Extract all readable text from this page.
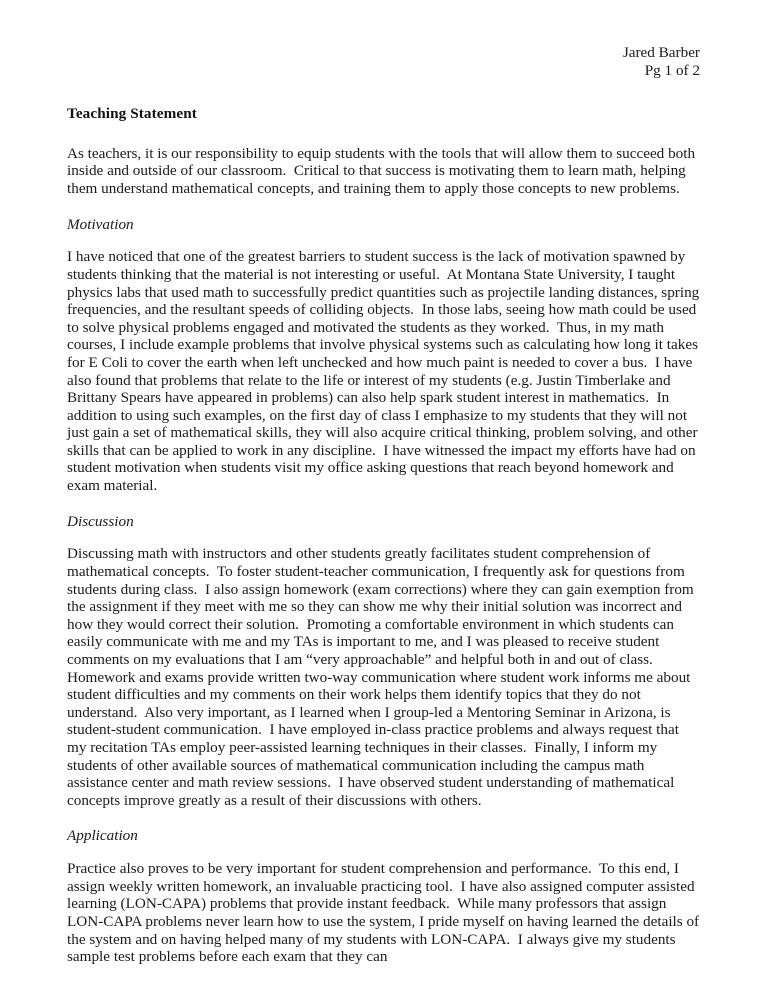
Jared Barber
Pg 1 of 2
Teaching Statement

As teachers, it is our responsibility to equip students with the tools that will allow them to succeed both inside and outside of our classroom.  Critical to that success is motivating them to learn math, helping them understand mathematical concepts, and training them to apply those concepts to new problems.

Motivation

I have noticed that one of the greatest barriers to student success is the lack of motivation spawned by students thinking that the material is not interesting or useful.  At Montana State University, I taught physics labs that used math to successfully predict quantities such as projectile landing distances, spring frequencies, and the resultant speeds of colliding objects.  In those labs, seeing how math could be used to solve physical problems engaged and motivated the students as they worked.  Thus, in my math courses, I include example problems that involve physical systems such as calculating how long it takes for E Coli to cover the earth when left unchecked and how much paint is needed to cover a bus.  I have also found that problems that relate to the life or interest of my students (e.g. Justin Timberlake and Brittany Spears have appeared in problems) can also help spark student interest in mathematics.  In addition to using such examples, on the first day of class I emphasize to my students that they will not just gain a set of mathematical skills, they will also acquire critical thinking, problem solving, and other skills that can be applied to work in any discipline.  I have witnessed the impact my efforts have had on student motivation when students visit my office asking questions that reach beyond homework and exam material.

Discussion

Discussing math with instructors and other students greatly facilitates student comprehension of mathematical concepts.  To foster student-teacher communication, I frequently ask for questions from students during class.  I also assign homework (exam corrections) where they can gain exemption from the assignment if they meet with me so they can show me why their initial solution was incorrect and how they would correct their solution.  Promoting a comfortable environment in which students can easily communicate with me and my TAs is important to me, and I was pleased to receive student comments on my evaluations that I am “very approachable” and helpful both in and out of class.  Homework and exams provide written two-way communication where student work informs me about student difficulties and my comments on their work helps them identify topics that they do not understand.  Also very important, as I learned when I group-led a Mentoring Seminar in Arizona, is student-student communication.  I have employed in-class practice problems and always request that my recitation TAs employ peer-assisted learning techniques in their classes.  Finally, I inform my students of other available sources of mathematical communication including the campus math assistance center and math review sessions.  I have observed student understanding of mathematical concepts improve greatly as a result of their discussions with others.

Application

Practice also proves to be very important for student comprehension and performance.  To this end, I assign weekly written homework, an invaluable practicing tool.  I have also assigned computer assisted learning (LON-CAPA) problems that provide instant feedback.  While many professors that assign LON-CAPA problems never learn how to use the system, I pride myself on having learned the details of the system and on having helped many of my students with LON-CAPA.  I always give my students sample test problems before each exam that they can
